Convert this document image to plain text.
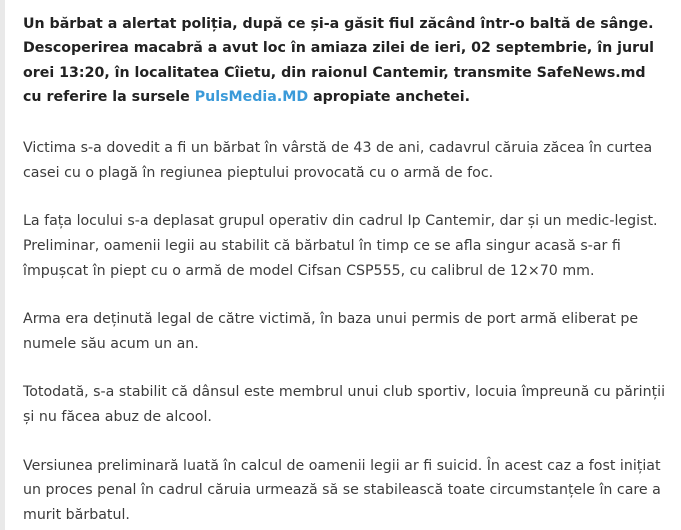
Un bărbat a alertat poliția, după ce și-a găsit fiul zăcând într-o baltă de sânge. Descoperirea macabră a avut loc în amiaza zilei de ieri, 02 septembrie, în jurul orei 13:20, în localitatea Cîietu, din raionul Cantemir, transmite SafeNews.md cu referire la sursele PulsMedia.MD apropiate anchetei.

Victima s-a dovedit a fi un bărbat în vârstă de 43 de ani, cadavrul căruia zăcea în curtea casei cu o plagă în regiunea pieptului provocată cu o armă de foc.

La fața locului s-a deplasat grupul operativ din cadrul Ip Cantemir, dar și un medic-legist. Preliminar, oamenii legii au stabilit că bărbatul în timp ce se afla singur acasă s-ar fi împușcat în piept cu o armă de model Cifsan CSP555, cu calibrul de 12×70 mm.

Arma era deținută legal de către victimă, în baza unui permis de port armă eliberat pe numele său acum un an.

Totodată, s-a stabilit că dânsul este membrul unui club sportiv, locuia împreună cu părinții și nu făcea abuz de alcool.

Versiunea preliminară luată în calcul de oamenii legii ar fi suicid. În acest caz a fost inițiat un proces penal în cadrul căruia urmează să se stabilească toate circumstanțele în care a murit bărbatul.
